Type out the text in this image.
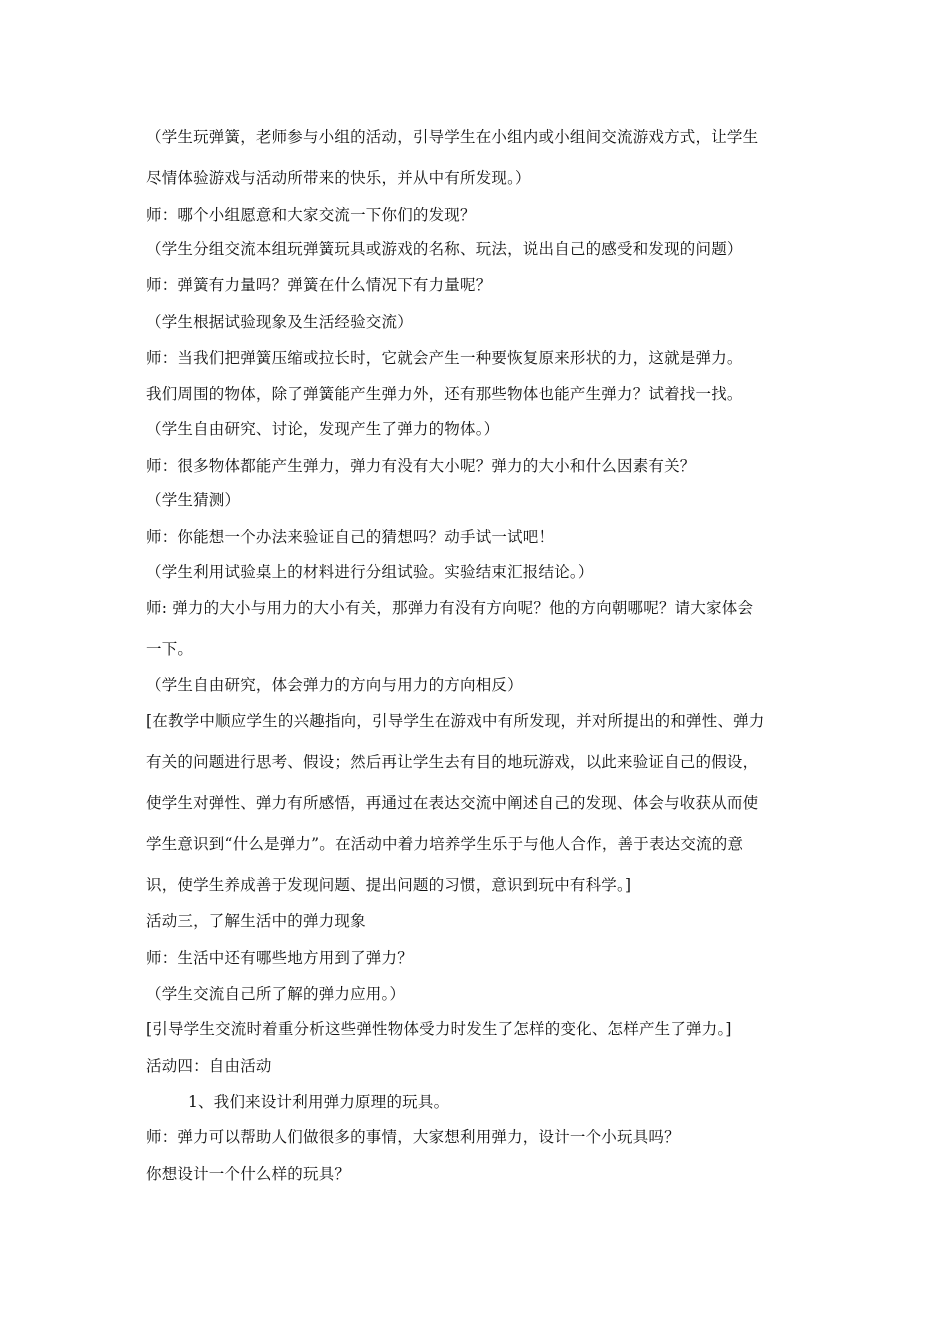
（学生玩弹簧，老师参与小组的活动，引导学生在小组内或小组间交流游戏方式，让学生
尽情体验游戏与活动所带来的快乐，并从中有所发现。）
师：哪个小组愿意和大家交流一下你们的发现？
（学生分组交流本组玩弹簧玩具或游戏的名称、玩法，说出自己的感受和发现的问题）
师：弹簧有力量吗？弹簧在什么情况下有力量呢？
（学生根据试验现象及生活经验交流）
师：当我们把弹簧压缩或拉长时，它就会产生一种要恢复原来形状的力，这就是弹力。
我们周围的物体，除了弹簧能产生弹力外，还有那些物体也能产生弹力？试着找一找。
（学生自由研究、讨论，发现产生了弹力的物体。）
师：很多物体都能产生弹力，弹力有没有大小呢？弹力的大小和什么因素有关？
（学生猜测）
师：你能想一个办法来验证自己的猜想吗？动手试一试吧！
（学生利用试验桌上的材料进行分组试验。实验结束汇报结论。）
师: 弹力的大小与用力的大小有关，那弹力有没有方向呢？他的方向朝哪呢？请大家体会
一下。
（学生自由研究，体会弹力的方向与用力的方向相反）
[在教学中顺应学生的兴趣指向，引导学生在游戏中有所发现，并对所提出的和弹性、弹力
有关的问题进行思考、假设；然后再让学生去有目的地玩游戏，以此来验证自己的假设，
使学生对弹性、弹力有所感悟，再通过在表达交流中阐述自己的发现、体会与收获从而使
学生意识到“什么是弹力”。在活动中着力培养学生乐于与他人合作，善于表达交流的意
识，使学生养成善于发现问题、提出问题的习惯，意识到玩中有科学。]
活动三，了解生活中的弹力现象
师：生活中还有哪些地方用到了弹力？
（学生交流自己所了解的弹力应用。）
[引导学生交流时着重分析这些弹性物体受力时发生了怎样的变化、怎样产生了弹力。]
活动四：自由活动
1、我们来设计利用弹力原理的玩具。
师：弹力可以帮助人们做很多的事情，大家想利用弹力，设计一个小玩具吗？
你想设计一个什么样的玩具？
